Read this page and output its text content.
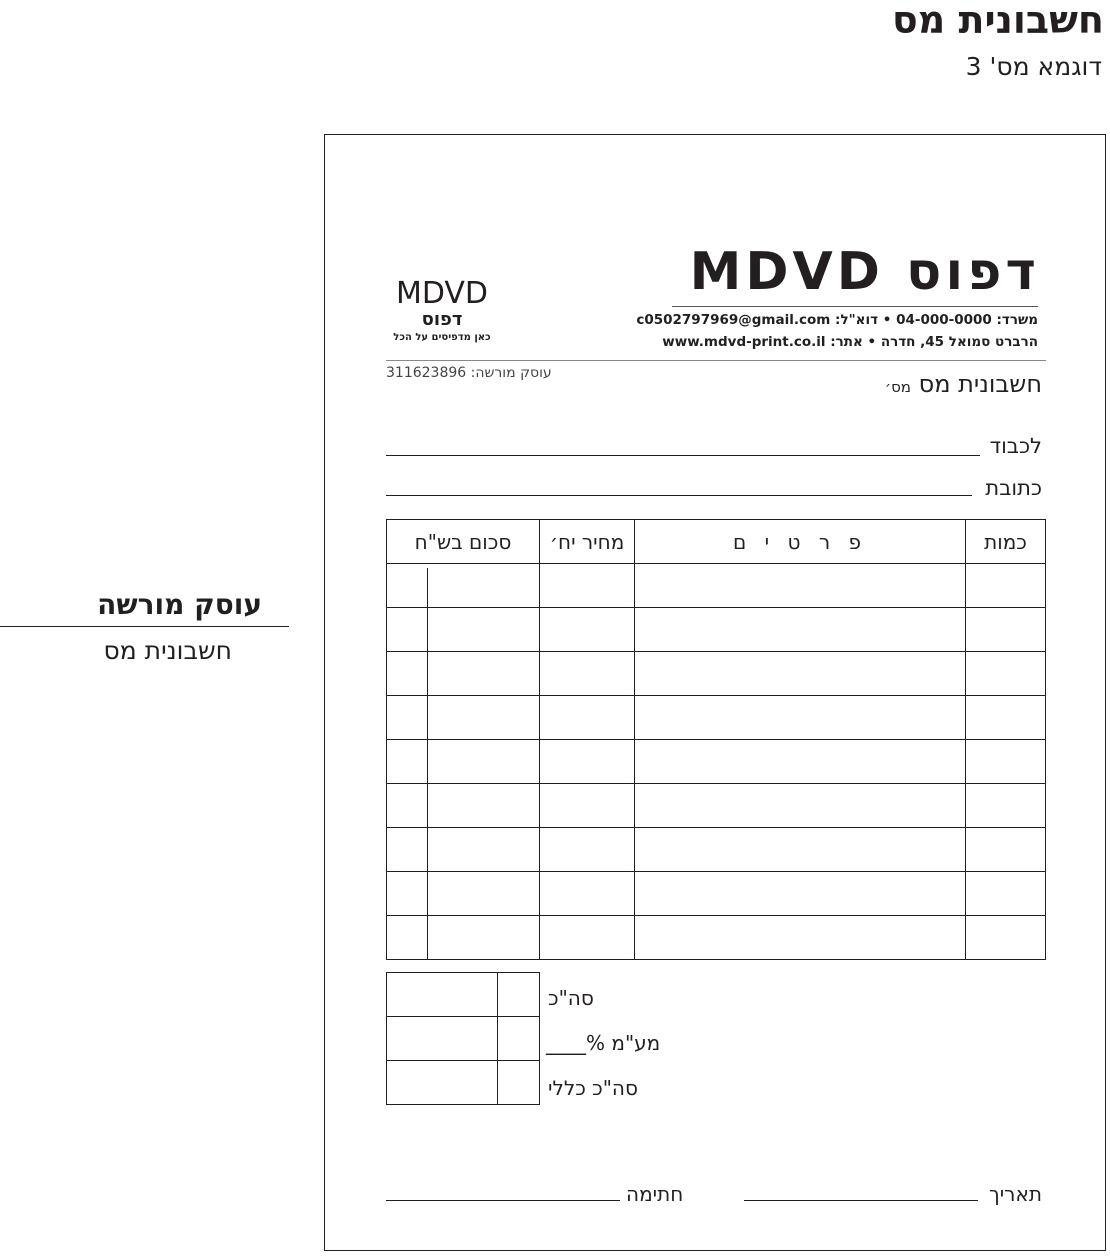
חשבונית מס
דוגמא מס' 3
עוסק מורשה
חשבונית מס
דפוס MDVD
משרד: 04-000-0000 • דוא"ל: c0502797969@gmail.com
הרברט סמואל 45, חדרה • אתר: www.mdvd-print.co.il
MDVD
דפוס
כאן מדפיסים על הכל
עוסק מורשה: 311623896	חשבונית מס מס׳
לכבוד
כתובת
כמות	פ ר ט י ם	מחיר יח׳	סכום בש"ח

סה"כ
מע"מ %____
סה"כ כללי
תאריך
חתימה
